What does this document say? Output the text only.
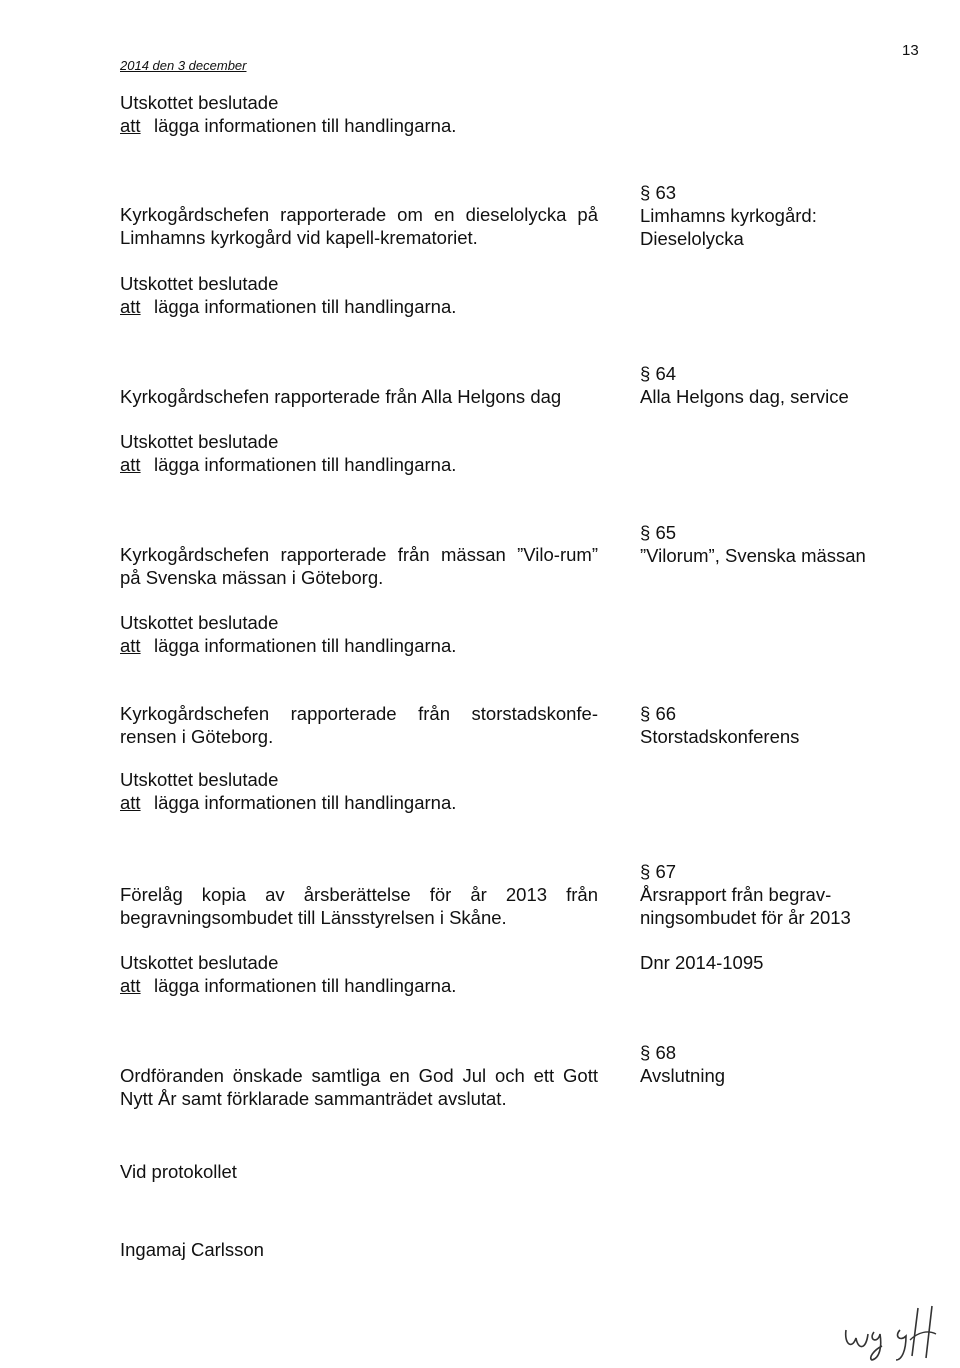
2014 den 3 december
13
Utskottet beslutade
att lägga informationen till handlingarna.
Kyrkogårdschefen rapporterade om en dieselolycka på Limhamns kyrkogård vid kapell-krematoriet.
§ 63
Limhamns kyrkogård:
Dieselolycka
Utskottet beslutade
att lägga informationen till handlingarna.
Kyrkogårdschefen rapporterade från Alla Helgons dag
§ 64
Alla Helgons dag, service
Utskottet beslutade
att lägga informationen till handlingarna.
Kyrkogårdschefen rapporterade från mässan ”Vilo-rum” på Svenska mässan i Göteborg.
§ 65
”Vilorum”, Svenska mässan
Utskottet beslutade
att lägga informationen till handlingarna.
Kyrkogårdschefen rapporterade från storstadskonfe-rensen i Göteborg.
§ 66
Storstadskonferens
Utskottet beslutade
att lägga informationen till handlingarna.
Förelåg kopia av årsberättelse för år 2013 från begravningsombudet till Länsstyrelsen i Skåne.
§ 67
Årsrapport från begrav-
ningsombudet för år 2013
Dnr 2014-1095
Utskottet beslutade
att lägga informationen till handlingarna.
Ordföranden önskade samtliga en God Jul och ett Gott Nytt År samt förklarade sammanträdet avslutat.
§ 68
Avslutning
Vid protokollet
Ingamaj Carlsson
